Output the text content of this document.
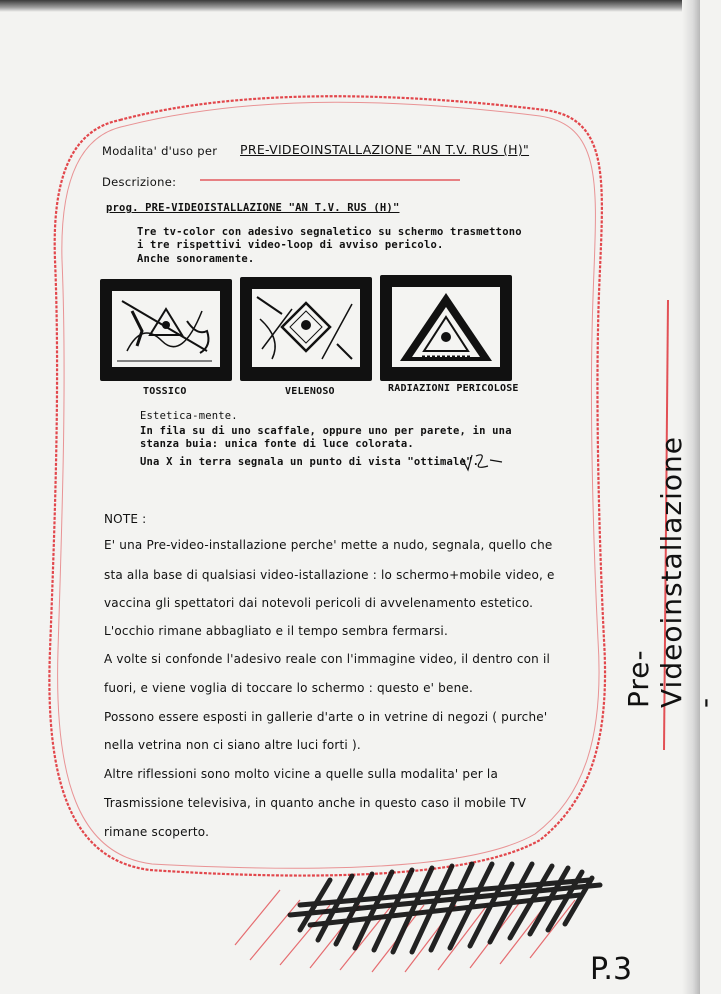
Modalita' d'uso per PRE-VIDEOINSTALLAZIONE "AN T.V. RUS (H)"
Descrizione:
prog. PRE-VIDEOISTALLAZIONE "AN T.V. RUS (H)"
Tre tv-color con adesivo segnaletico su schermo trasmettono
i tre rispettivi video-loop di avviso pericolo.
Anche sonoramente.
TOSSICO	VELENOSO	RADIAZIONI PERICOLOSE
Estetica-mente.
In fila su di uno scaffale, oppure uno per parete, in una
stanza buia: unica fonte di luce colorata.
Una X in terra segnala un punto di vista "ottimale".
NOTE :
E' una Pre-video-installazione perche' mette a nudo, segnala, quello che
sta alla base di qualsiasi video-istallazione : lo schermo+mobile video, e
vaccina gli spettatori dai notevoli pericoli di avvelenamento estetico.
L'occhio rimane abbagliato e il tempo sembra fermarsi.
A volte si confonde l'adesivo reale con l'immagine video, il dentro con il
fuori, e viene voglia di toccare lo schermo : questo e' bene.
Possono essere esposti in gallerie d'arte o in vetrine di negozi ( purche'
nella vetrina non ci siano altre luci forti ).
Altre riflessioni sono molto vicine a quelle sulla modalita' per la
Trasmissione televisiva, in quanto anche in questo caso il mobile TV
rimane scoperto.
Pre-Videoinstallazione -
P.3
